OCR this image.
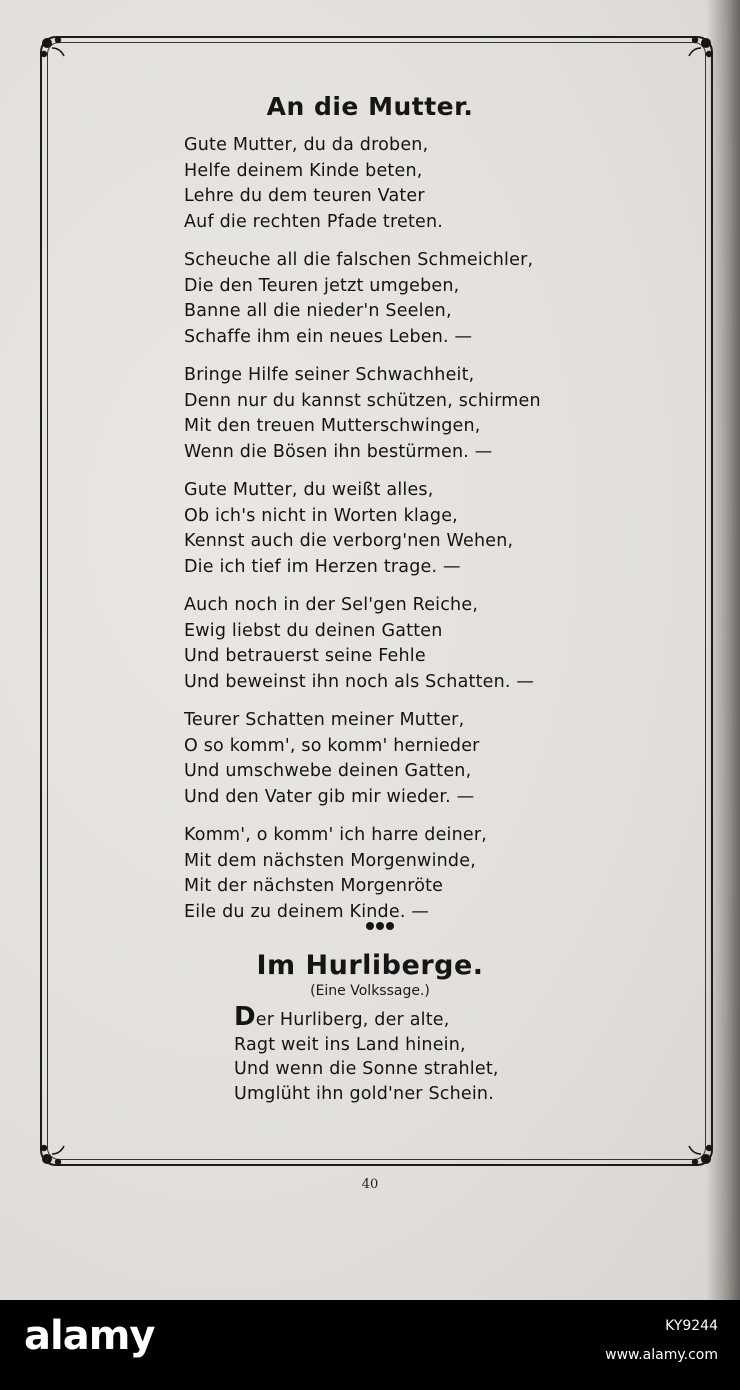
An die Mutter.
Gute Mutter, du da droben,
Helfe deinem Kinde beten,
Lehre du dem teuren Vater
Auf die rechten Pfade treten.
Scheuche all die falschen Schmeichler,
Die den Teuren jetzt umgeben,
Banne all die nieder'n Seelen,
Schaffe ihm ein neues Leben. —
Bringe Hilfe seiner Schwachheit,
Denn nur du kannst schützen, schirmen
Mit den treuen Mutterschwingen,
Wenn die Bösen ihn bestürmen. —
Gute Mutter, du weißt alles,
Ob ich's nicht in Worten klage,
Kennst auch die verborg'nen Wehen,
Die ich tief im Herzen trage. —
Auch noch in der Sel'gen Reiche,
Ewig liebst du deinen Gatten
Und betrauerst seine Fehle
Und beweinst ihn noch als Schatten. —
Teurer Schatten meiner Mutter,
O so komm', so komm' hernieder
Und umschwebe deinen Gatten,
Und den Vater gib mir wieder. —
Komm', o komm' ich harre deiner,
Mit dem nächsten Morgenwinde,
Mit der nächsten Morgenröte
Eile du zu deinem Kinde. —
Im Hurliberge.
(Eine Volkssage.)
Der Hurliberg, der alte,
Ragt weit ins Land hinein,
Und wenn die Sonne strahlet,
Umglüht ihn gold'ner Schein.
40
alamy	KY9244
www.alamy.com
